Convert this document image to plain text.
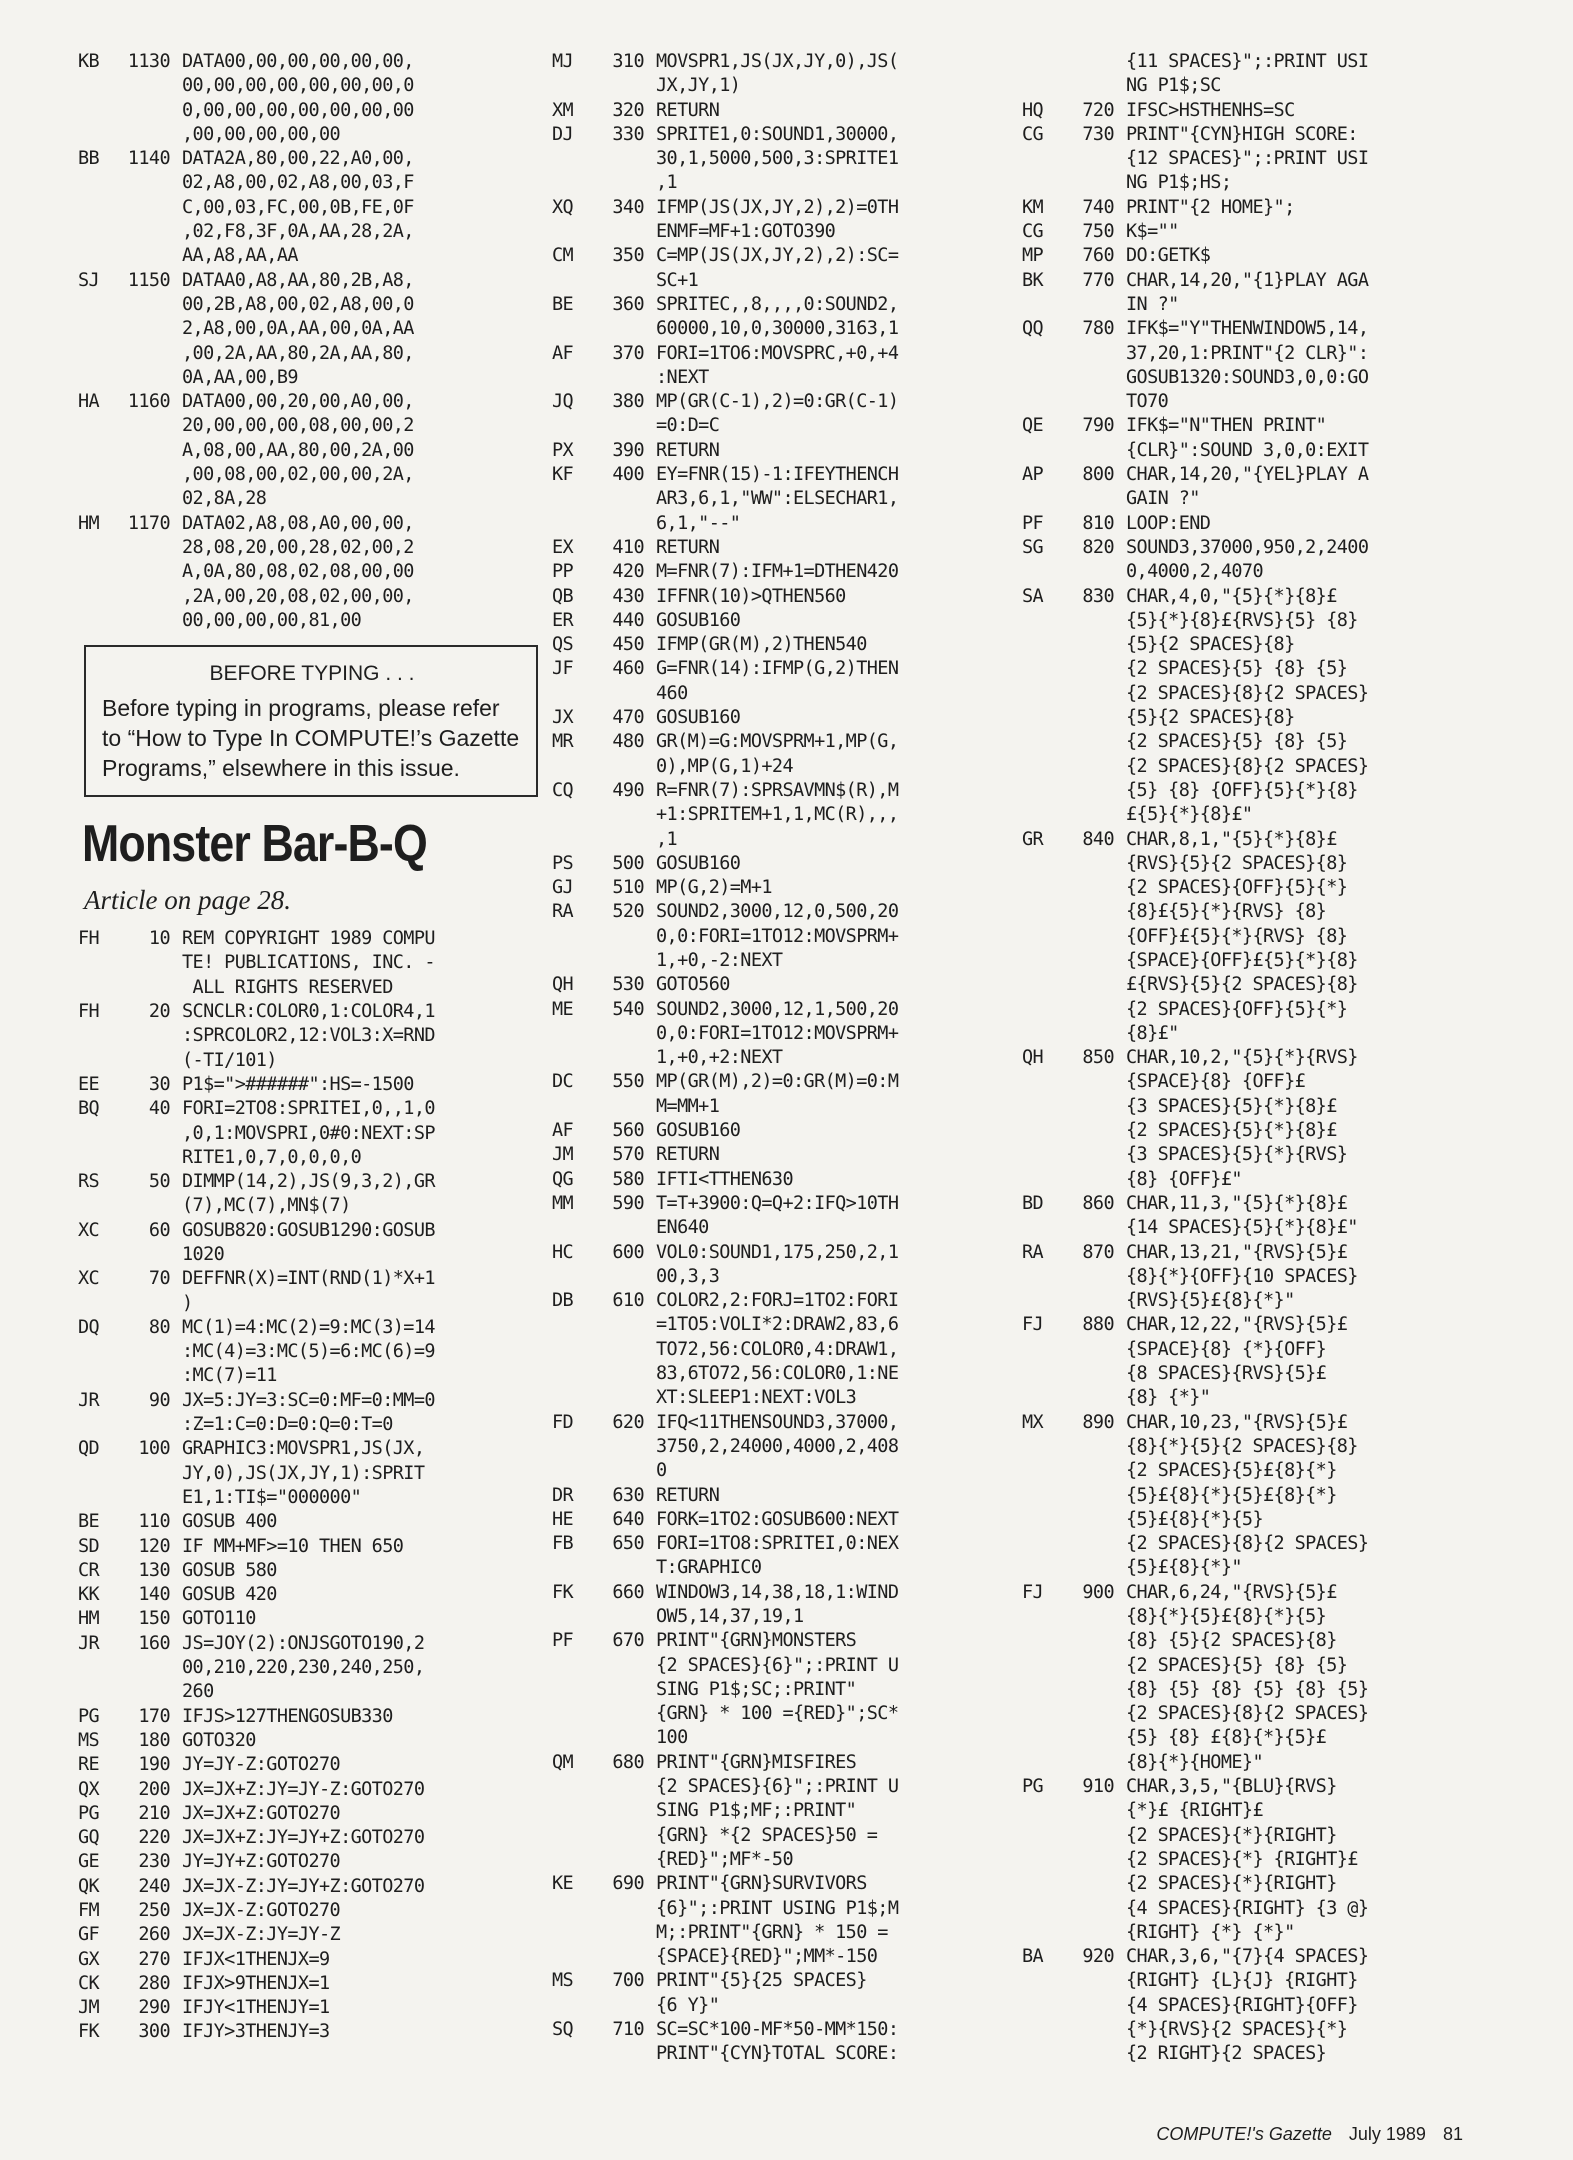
KB	1130 DATA00,00,00,00,00,00,
00,00,00,00,00,00,00,0
0,00,00,00,00,00,00,00
,00,00,00,00,00
BB	1140 DATA2A,80,00,22,A0,00,
02,A8,00,02,A8,00,03,F
C,00,03,FC,00,0B,FE,0F
,02,F8,3F,0A,AA,28,2A,
AA,A8,AA,AA
SJ	1150 DATAA0,A8,AA,80,2B,A8,
00,2B,A8,00,02,A8,00,0
2,A8,00,0A,AA,00,0A,AA
,00,2A,AA,80,2A,AA,80,
0A,AA,00,B9
HA	1160 DATA00,00,20,00,A0,00,
20,00,00,00,08,00,00,2
A,08,00,AA,80,00,2A,00
,00,08,00,02,00,00,2A,
02,8A,28
HM	1170 DATA02,A8,08,A0,00,00,
28,08,20,00,28,02,00,2
A,0A,80,08,02,08,00,00
,2A,00,20,08,02,00,00,
00,00,00,00,81,00
BEFORE TYPING . . .
Before typing in programs, please refer to “How to Type In COMPUTE!’s Gazette Programs,” elsewhere in this issue.
Monster Bar-B-Q
Article on page 28.
FH	10 REM COPYRIGHT 1989 COMPU
TE! PUBLICATIONS, INC. -
ALL RIGHTS RESERVED
FH	20 SCNCLR:COLOR0,1:COLOR4,1
:SPRCOLOR2,12:VOL3:X=RND
(-TI/101)
EE	30 P1$=">######":HS=-1500
BQ	40 FORI=2TO8:SPRITEI,0,,1,0
,0,1:MOVSPRI,0#0:NEXT:SP
RITE1,0,7,0,0,0,0
RS	50 DIMMP(14,2),JS(9,3,2),GR
(7),MC(7),MN$(7)
XC	60 GOSUB820:GOSUB1290:GOSUB
1020
XC	70 DEFFNR(X)=INT(RND(1)*X+1
)
DQ	80 MC(1)=4:MC(2)=9:MC(3)=14
:MC(4)=3:MC(5)=6:MC(6)=9
:MC(7)=11
JR	90 JX=5:JY=3:SC=0:MF=0:MM=0
:Z=1:C=0:D=0:Q=0:T=0
QD	100 GRAPHIC3:MOVSPR1,JS(JX,
JY,0),JS(JX,JY,1):SPRIT
E1,1:TI$="000000"
BE	110 GOSUB 400
SD	120 IF MM+MF>=10 THEN 650
CR	130 GOSUB 580
KK	140 GOSUB 420
HM	150 GOTO110
JR	160 JS=JOY(2):ONJSGOTO190,2
00,210,220,230,240,250,
260
PG	170 IFJS>127THENGOSUB330
MS	180 GOTO320
RE	190 JY=JY-Z:GOTO270
QX	200 JX=JX+Z:JY=JY-Z:GOTO270
PG	210 JX=JX+Z:GOTO270
GQ	220 JX=JX+Z:JY=JY+Z:GOTO270
GE	230 JY=JY+Z:GOTO270
QK	240 JX=JX-Z:JY=JY+Z:GOTO270
FM	250 JX=JX-Z:GOTO270
GF	260 JX=JX-Z:JY=JY-Z
GX	270 IFJX<1THENJX=9
CK	280 IFJX>9THENJX=1
JM	290 IFJY<1THENJY=1
FK	300 IFJY>3THENJY=3
MJ	310 MOVSPR1,JS(JX,JY,0),JS(
JX,JY,1)
XM	320 RETURN
DJ	330 SPRITE1,0:SOUND1,30000,
30,1,5000,500,3:SPRITE1
,1
XQ	340 IFMP(JS(JX,JY,2),2)=0TH
ENMF=MF+1:GOTO390
CM	350 C=MP(JS(JX,JY,2),2):SC=
SC+1
BE	360 SPRITEC,,8,,,,0:SOUND2,
60000,10,0,30000,3163,1
AF	370 FORI=1TO6:MOVSPRC,+0,+4
:NEXT
JQ	380 MP(GR(C-1),2)=0:GR(C-1)
=0:D=C
PX	390 RETURN
KF	400 EY=FNR(15)-1:IFEYTHENCH
AR3,6,1,"WW":ELSECHAR1,
6,1,"--"
EX	410 RETURN
PP	420 M=FNR(7):IFM+1=DTHEN420
QB	430 IFFNR(10)>QTHEN560
ER	440 GOSUB160
QS	450 IFMP(GR(M),2)THEN540
JF	460 G=FNR(14):IFMP(G,2)THEN
460
JX	470 GOSUB160
MR	480 GR(M)=G:MOVSPRM+1,MP(G,
0),MP(G,1)+24
CQ	490 R=FNR(7):SPRSAVMN$(R),M
+1:SPRITEM+1,1,MC(R),,,
,1
PS	500 GOSUB160
GJ	510 MP(G,2)=M+1
RA	520 SOUND2,3000,12,0,500,20
0,0:FORI=1TO12:MOVSPRM+
1,+0,-2:NEXT
QH	530 GOTO560
ME	540 SOUND2,3000,12,1,500,20
0,0:FORI=1TO12:MOVSPRM+
1,+0,+2:NEXT
DC	550 MP(GR(M),2)=0:GR(M)=0:M
M=MM+1
AF	560 GOSUB160
JM	570 RETURN
QG	580 IFTI<TTHEN630
MM	590 T=T+3900:Q=Q+2:IFQ>10TH
EN640
HC	600 VOL0:SOUND1,175,250,2,1
00,3,3
DB	610 COLOR2,2:FORJ=1TO2:FORI
=1TO5:VOLI*2:DRAW2,83,6
TO72,56:COLOR0,4:DRAW1,
83,6TO72,56:COLOR0,1:NE
XT:SLEEP1:NEXT:VOL3
FD	620 IFQ<11THENSOUND3,37000,
3750,2,24000,4000,2,408
0
DR	630 RETURN
HE	640 FORK=1TO2:GOSUB600:NEXT
FB	650 FORI=1TO8:SPRITEI,0:NEX
T:GRAPHIC0
FK	660 WINDOW3,14,38,18,1:WIND
OW5,14,37,19,1
PF	670 PRINT"{GRN}MONSTERS
{2 SPACES}{6}";:PRINT U
SING P1$;SC;:PRINT"
{GRN} * 100 ={RED}";SC*
100
QM	680 PRINT"{GRN}MISFIRES
{2 SPACES}{6}";:PRINT U
SING P1$;MF;:PRINT"
{GRN} *{2 SPACES}50 =
{RED}";MF*-50
KE	690 PRINT"{GRN}SURVIVORS
{6}";:PRINT USING P1$;M
M;:PRINT"{GRN} * 150 =
{SPACE}{RED}";MM*-150
MS	700 PRINT"{5}{25 SPACES}
{6 Y}"
SQ	710 SC=SC*100-MF*50-MM*150:
PRINT"{CYN}TOTAL SCORE:
{11 SPACES}";:PRINT USI
NG P1$;SC
HQ	720 IFSC>HSTHENHS=SC
CG	730 PRINT"{CYN}HIGH SCORE:
{12 SPACES}";:PRINT USI
NG P1$;HS;
KM	740 PRINT"{2 HOME}";
CG	750 K$=""
MP	760 DO:GETK$
BK	770 CHAR,14,20,"{1}PLAY AGA
IN ?"
QQ	780 IFK$="Y"THENWINDOW5,14,
37,20,1:PRINT"{2 CLR}":
GOSUB1320:SOUND3,0,0:GO
TO70
QE	790 IFK$="N"THEN PRINT"
{CLR}":SOUND 3,0,0:EXIT
AP	800 CHAR,14,20,"{YEL}PLAY A
GAIN ?"
PF	810 LOOP:END
SG	820 SOUND3,37000,950,2,2400
0,4000,2,4070
SA	830 CHAR,4,0,"{5}{*}{8}£
{5}{*}{8}£{RVS}{5} {8}
{5}{2 SPACES}{8}
{2 SPACES}{5} {8} {5}
{2 SPACES}{8}{2 SPACES}
{5}{2 SPACES}{8}
{2 SPACES}{5} {8} {5}
{2 SPACES}{8}{2 SPACES}
{5} {8} {OFF}{5}{*}{8}
£{5}{*}{8}£"
GR	840 CHAR,8,1,"{5}{*}{8}£
{RVS}{5}{2 SPACES}{8}
{2 SPACES}{OFF}{5}{*}
{8}£{5}{*}{RVS} {8}
{OFF}£{5}{*}{RVS} {8}
{SPACE}{OFF}£{5}{*}{8}
£{RVS}{5}{2 SPACES}{8}
{2 SPACES}{OFF}{5}{*}
{8}£"
QH	850 CHAR,10,2,"{5}{*}{RVS}
{SPACE}{8} {OFF}£
{3 SPACES}{5}{*}{8}£
{2 SPACES}{5}{*}{8}£
{3 SPACES}{5}{*}{RVS}
{8} {OFF}£"
BD	860 CHAR,11,3,"{5}{*}{8}£
{14 SPACES}{5}{*}{8}£"
RA	870 CHAR,13,21,"{RVS}{5}£
{8}{*}{OFF}{10 SPACES}
{RVS}{5}£{8}{*}"
FJ	880 CHAR,12,22,"{RVS}{5}£
{SPACE}{8} {*}{OFF}
{8 SPACES}{RVS}{5}£
{8} {*}"
MX	890 CHAR,10,23,"{RVS}{5}£
{8}{*}{5}{2 SPACES}{8}
{2 SPACES}{5}£{8}{*}
{5}£{8}{*}{5}£{8}{*}
{5}£{8}{*}{5}
{2 SPACES}{8}{2 SPACES}
{5}£{8}{*}"
FJ	900 CHAR,6,24,"{RVS}{5}£
{8}{*}{5}£{8}{*}{5}
{8} {5}{2 SPACES}{8}
{2 SPACES}{5} {8} {5}
{8} {5} {8} {5} {8} {5}
{2 SPACES}{8}{2 SPACES}
{5} {8} £{8}{*}{5}£
{8}{*}{HOME}"
PG	910 CHAR,3,5,"{BLU}{RVS}
{*}£ {RIGHT}£
{2 SPACES}{*}{RIGHT}
{2 SPACES}{*} {RIGHT}£
{2 SPACES}{*}{RIGHT}
{4 SPACES}{RIGHT} {3 @}
{RIGHT} {*} {*}"
BA	920 CHAR,3,6,"{7}{4 SPACES}
{RIGHT} {L}{J} {RIGHT}
{4 SPACES}{RIGHT}{OFF}
{*}{RVS}{2 SPACES}{*}
{2 RIGHT}{2 SPACES}
COMPUTE!'s Gazette July 1989 81
